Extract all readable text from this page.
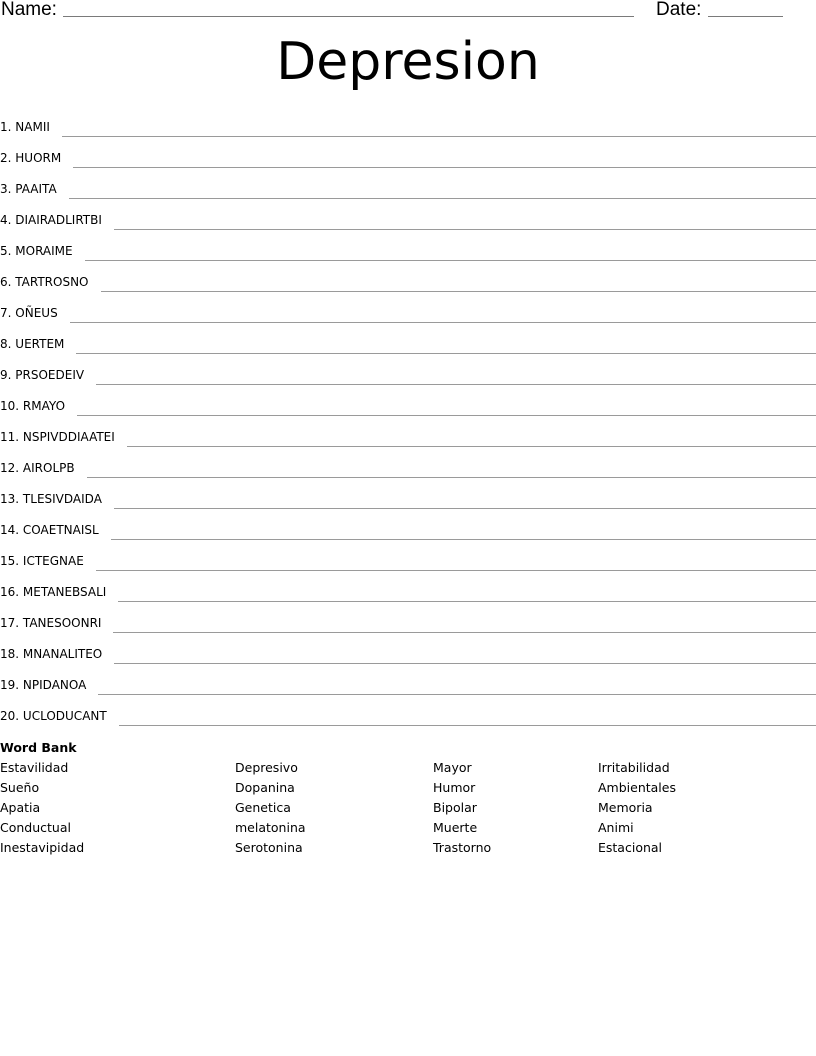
Name:	Date:
Depresion
1. NAMII
2. HUORM
3. PAAITA
4. DIAIRADLIRTBI
5. MORAIME
6. TARTROSNO
7. OÑEUS
8. UERTEM
9. PRSOEDEIV
10. RMAYO
11. NSPIVDDIAATEI
12. AIROLPB
13. TLESIVDAIDA
14. COAETNAISL
15. ICTEGNAE
16. METANEBSALI
17. TANESOONRI
18. MNANALITEO
19. NPIDANOA
20. UCLODUCANT
Word Bank
Estavilidad
Sueño
Apatia
Conductual
Inestavipidad
Depresivo
Dopanina
Genetica
melatonina
Serotonina
Mayor
Humor
Bipolar
Muerte
Trastorno
Irritabilidad
Ambientales
Memoria
Animi
Estacional
